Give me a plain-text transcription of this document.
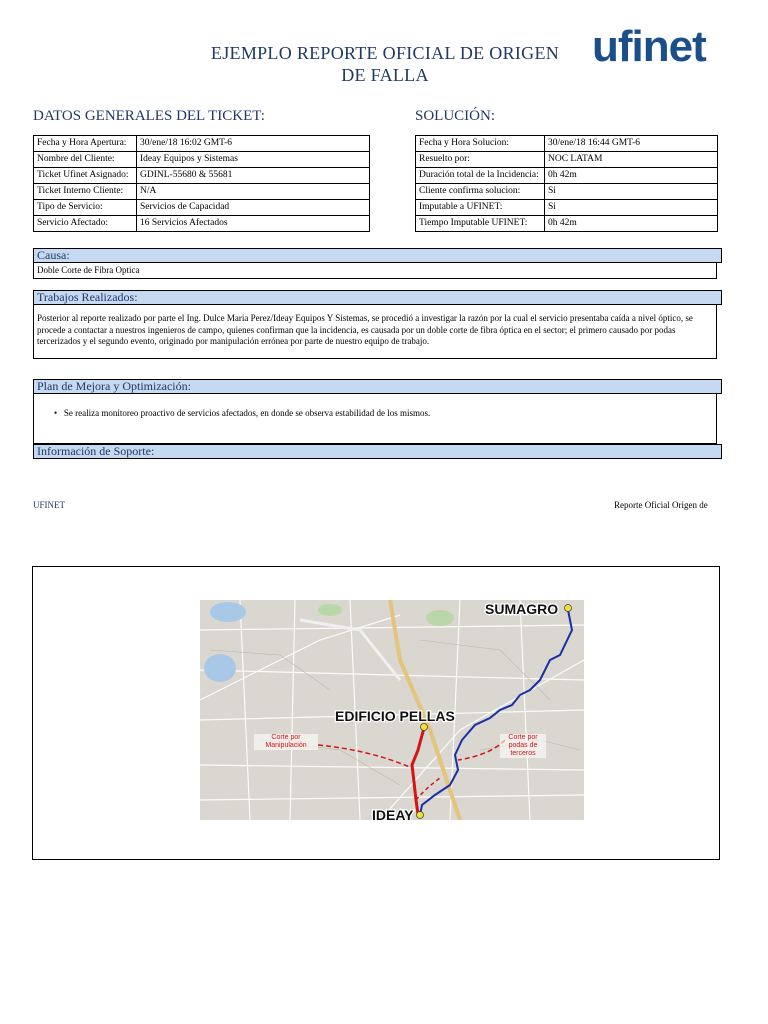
EJEMPLO REPORTE OFICIAL DE ORIGEN
DE FALLA
ufinet
DATOS GENERALES DEL TICKET:	SOLUCIÓN:
Fecha y Hora Apertura:	30/ene/18 16:02 GMT-6
Nombre del Cliente:	Ideay Equipos y Sistemas
Ticket Ufinet Asignado:	GDINL-55680 & 55681
Ticket Interno Cliente:	N/A
Tipo de Servicio:	Servicios de Capacidad
Servicio Afectado:	16 Servicios Afectados
Fecha y Hora Solucion:	30/ene/18 16:44 GMT-6
Resuelto por:	NOC LATAM
Duración total de la Incidencia:	0h 42m
Cliente confirma solucion:	Si
Imputable a UFINET:	Si
Tiempo Imputable UFINET:	0h 42m
Causa:
Doble Corte de Fibra Optica
Trabajos Realizados:
Posterior al reporte realizado por parte el Ing. Dulce Maria Perez/Ideay Equipos Y Sistemas, se procedió a investigar la razón por la cual el servicio presentaba caída a nivel óptico, se procede a contactar a nuestros ingenieros de campo, quienes confirman que la incidencia, es causada por un doble corte de fibra óptica en el sector; el primero causado por podas tercerizados y el segundo evento, originado por manipulación errónea por parte de nuestro equipo de trabajo.
Plan de Mejora y Optimización:
•   Se realiza monitoreo proactivo de servicios afectados, en donde se observa estabilidad de los mismos.
Información de Soporte:
UFINET	Reporte Oficial Origen de
SUMAGRO
EDIFICIO PELLAS
IDEAY
Corte por Manipulación
Corte por podas de terceros
